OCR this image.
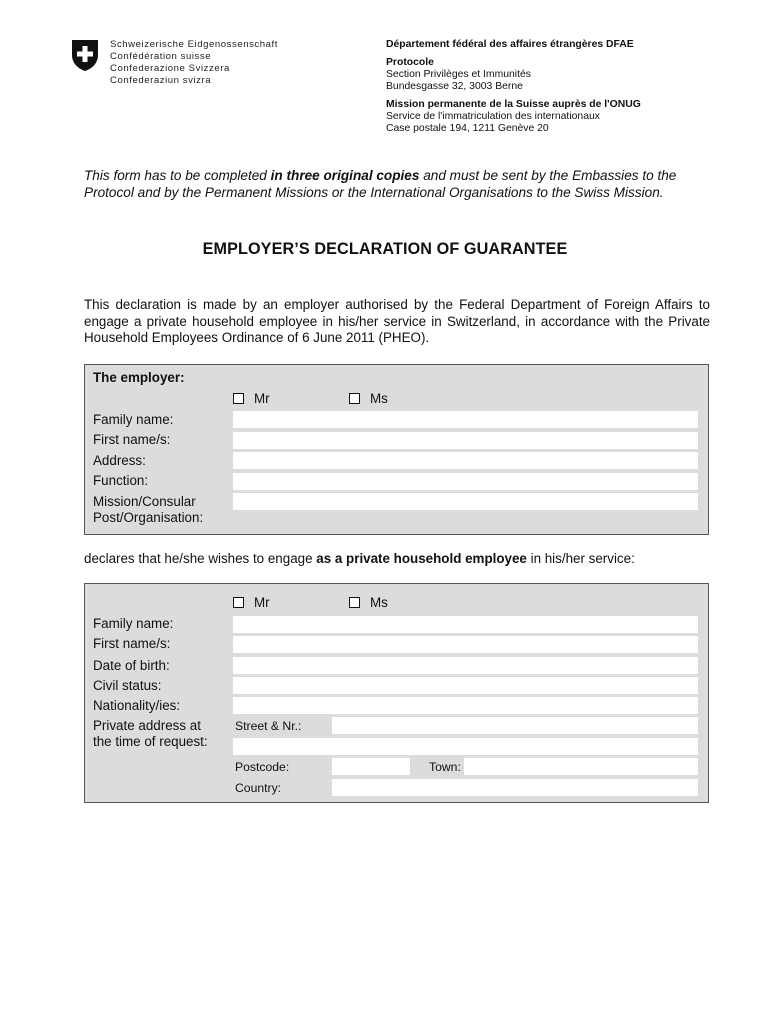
Schweizerische Eidgenossenschaft
Confédération suisse
Confederazione Svizzera
Confederaziun svizra
Département fédéral des affaires étrangères DFAE
Protocole
Section Privilèges et Immunités
Bundesgasse 32, 3003 Berne
Mission permanente de la Suisse auprès de l'ONUG
Service de l'immatriculation des internationaux
Case postale 194, 1211 Genève 20
This form has to be completed in three original copies and must be sent by the Embassies to the Protocol and by the Permanent Missions or the International Organisations to the Swiss Mission.
EMPLOYER’S DECLARATION OF GUARANTEE
This declaration is made by an employer authorised by the Federal Department of Foreign Affairs to engage a private household employee in his/her service in Switzerland, in accordance with the Private Household Employees Ordinance of 6 June 2011 (PHEO).
The employer:
Mr	Ms
Family name:
First name/s:
Address:
Function:
Mission/Consular
Post/Organisation:
declares that he/she wishes to engage as a private household employee in his/her service:
Mr	Ms
Family name:
First name/s:
Date of birth:
Civil status:
Nationality/ies:
Private address at
the time of request:
Street & Nr.:
Postcode:	Town:
Country:
